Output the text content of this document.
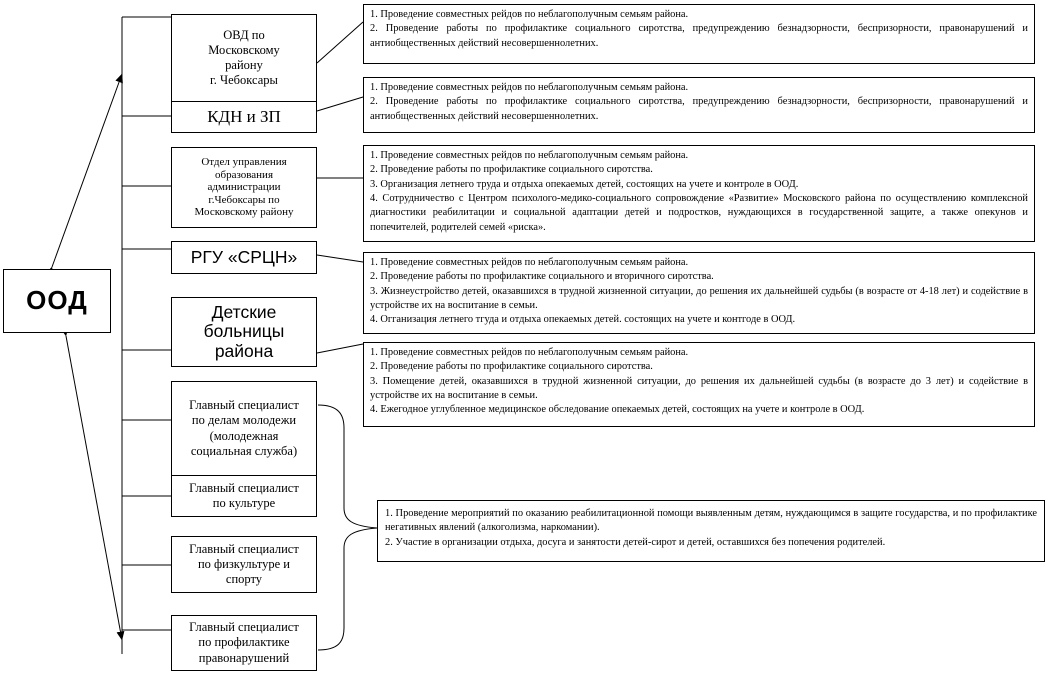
ООД
ОВД по
Московскому
району
г. Чебоксары
КДН и ЗП
Отдел управления
образования
администрации
г.Чебоксары по
Московскому району
РГУ «СРЦН»
Детские
больницы
района
Главный специалист
по делам молодежи
(молодежная
социальная служба)
Главный специалист
по культуре
Главный специалист
по физкультуре и
спорту
Главный специалист
по профилактике
правонарушений

1. Проведение совместных рейдов по неблагополучным семьям района.

2. Проведение работы по профилактике социального сиротства, предупреждению безнадзорности, беспризорности, правонарушений и антиобщественных действий несовершеннолетних.

1. Проведение совместных рейдов по неблагополучным семьям района.

2. Проведение работы по профилактике социального сиротства, предупреждению безнадзорности, беспризорности, правонарушений и антиобщественных действий несовершеннолетних.

1. Проведение совместных рейдов по неблагополучным семьям района.

2. Проведение работы по профилактике социального сиротства.

3. Организация летнего труда и отдыха опекаемых детей, состоящих на учете и контроле в ООД.

4. Сотрудничество с Центром психолого-медико-социального сопровождение «Развитие» Московского района по осуществлению комплексной диагностики реабилитации и социальной адаптации детей и подростков, нуждающихся в государственной защите, а также опекунов и попечителей, родителей семей «риска».

1. Проведение совместных рейдов по неблагополучным семьям района.

2. Проведение работы по профилактике социального и вторичного сиротства.

3. Жизнеустройство детей, оказавшихся в трудной жизненной ситуации, до решения их дальнейшей судьбы (в возрасте от 4-18 лет) и содействие в устройстве их на воспитание в семьи.

4. Огганизация летнего тгуда и отдыха опекаемых детей. состоящих на учете и контгоде в ООД.

1. Проведение совместных рейдов по неблагополучным семьям района.

2. Проведение работы по профилактике социального сиротства.

3. Помещение детей, оказавшихся в трудной жизненной ситуации, до решения их дальнейшей судьбы (в возрасте до 3 лет) и содействие в устройстве их на воспитание в семьи.

4. Ежегодное углубленное медицинское обследование опекаемых детей, состоящих на учете и контроле в ООД.

1. Проведение мероприятий по оказанию реабилитационной помощи выявленным детям, нуждающимся в защите государства, и по профилактике негативных явлений (алкоголизма, наркомании).

2. Участие в организации отдыха, досуга и занятости детей-сирот и детей, оставшихся без попечения родителей.
